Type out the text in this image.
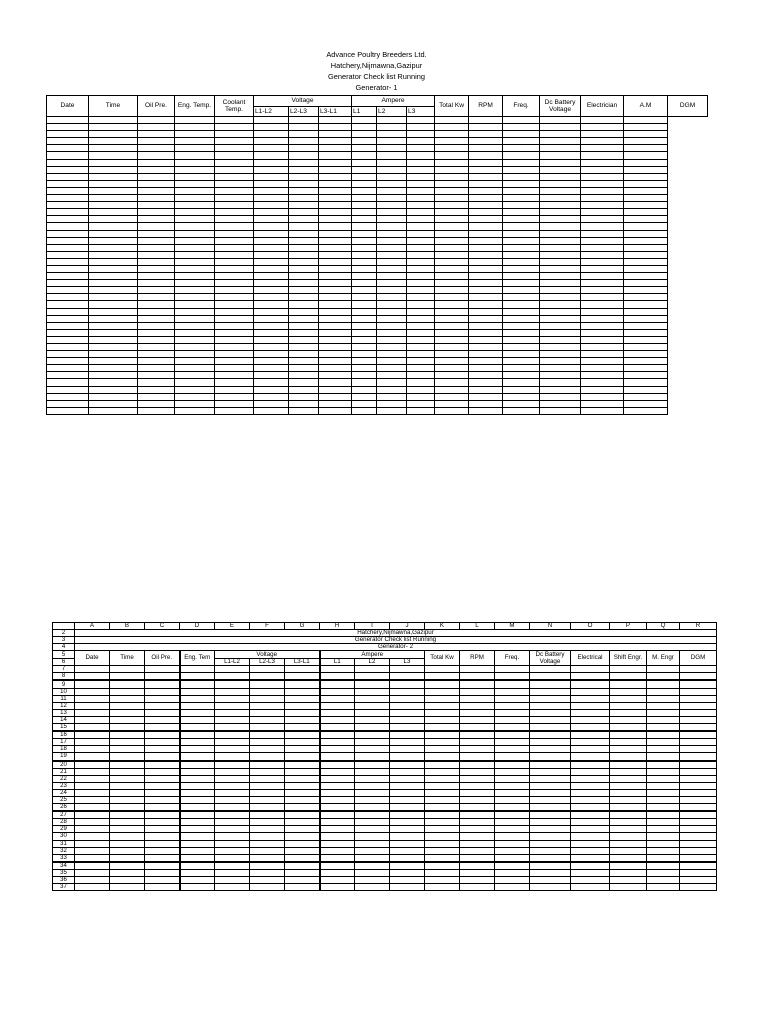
Advance Poultry Breeders Ltd.
Hatchery,Nijmawna,Gazipur
Generator Check list Running
Generator- 1
Date	Time	Oil Pre.	Eng. Temp.	Coolant Temp.	Voltage			Ampere			Total Kw	RPM	Freq.	Dc Battery Voltage	Electrician	A.M	DGM
					L1-L2	L2-L3	L3-L1	L1	L2	L3							

	A	B	C	D	E	F	G	H	I	J	K	L	M	N	O	P	Q	R
2	Hatchery,Nijmawna,Gazipur																	
3	Generator Check list Running																	
4	Generator- 2																	
5	Date	Time	Oil Pre.	Eng. Tem	Voltage			Ampere			Total Kw	RPM	Freq.	Dc Battery Voltage	Electrical	Shift Engr.	M. Engr	DGM
6					L1-L2	L2-L3	L3-L1	L1	L2	L3								
7																		
8																		
9																		
10																		
11																		
12																		
13																		
14																		
15																		
16																		
17																		
18																		
19																		
20																		
21																		
22																		
23																		
24																		
25																		
26																		
27																		
28																		
29																		
30																		
31																		
32																		
33																		
34																		
35																		
36																		
37																		
